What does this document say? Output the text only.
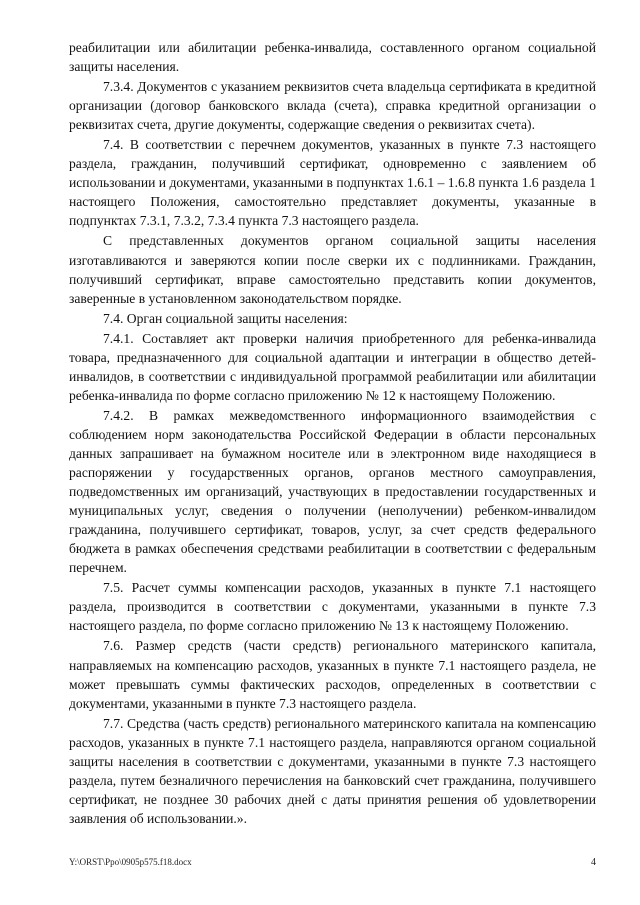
реабилитации или абилитации ребенка-инвалида, составленного органом социальной защиты населения.

7.3.4. Документов с указанием реквизитов счета владельца сертификата в кредитной организации (договор банковского вклада (счета), справка кредитной организации о реквизитах счета, другие документы, содержащие сведения о реквизитах счета).

7.4. В соответствии с перечнем документов, указанных в пункте 7.3 настоящего раздела, гражданин, получивший сертификат, одновременно с заявлением об использовании и документами, указанными в подпунктах 1.6.1 – 1.6.8 пункта 1.6 раздела 1 настоящего Положения, самостоятельно представляет документы, указанные в подпунктах 7.3.1, 7.3.2, 7.3.4 пункта 7.3 настоящего раздела.

С представленных документов органом социальной защиты населения изготавливаются и заверяются копии после сверки их с подлинниками. Гражданин, получивший сертификат, вправе самостоятельно представить копии документов, заверенные в установленном законодательством порядке.

7.4. Орган социальной защиты населения:

7.4.1. Составляет акт проверки наличия приобретенного для ребенка-инвалида товара, предназначенного для социальной адаптации и интеграции в общество детей-инвалидов, в соответствии с индивидуальной программой реабилитации или абилитации ребенка-инвалида по форме согласно приложению № 12 к настоящему Положению.

7.4.2. В рамках межведомственного информационного взаимодействия с соблюдением норм законодательства Российской Федерации в области персональных данных запрашивает на бумажном носителе или в электронном виде находящиеся в распоряжении у государственных органов, органов местного самоуправления, подведомственных им организаций, участвующих в предоставлении государственных и муниципальных услуг, сведения о получении (неполучении) ребенком-инвалидом гражданина, получившего сертификат, товаров, услуг, за счет средств федерального бюджета в рамках обеспечения средствами реабилитации в соответствии с федеральным перечнем.

7.5. Расчет суммы компенсации расходов, указанных в пункте 7.1 настоящего раздела, производится в соответствии с документами, указанными в пункте 7.3 настоящего раздела, по форме согласно приложению № 13 к настоящему Положению.

7.6. Размер средств (части средств) регионального материнского капитала, направляемых на компенсацию расходов, указанных в пункте 7.1 настоящего раздела, не может превышать суммы фактических расходов, определенных в соответствии с документами, указанными в пункте 7.3 настоящего раздела.

7.7. Средства (часть средств) регионального материнского капитала на компенсацию расходов, указанных в пункте 7.1 настоящего раздела, направляются органом социальной защиты населения в соответствии с документами, указанными в пункте 7.3 настоящего раздела, путем безналичного перечисления на банковский счет гражданина, получившего сертификат, не позднее 30 рабочих дней с даты принятия решения об удовлетворении заявления об использовании.».

Y:\ORST\Ppo\0905p575.f18.docx	4
